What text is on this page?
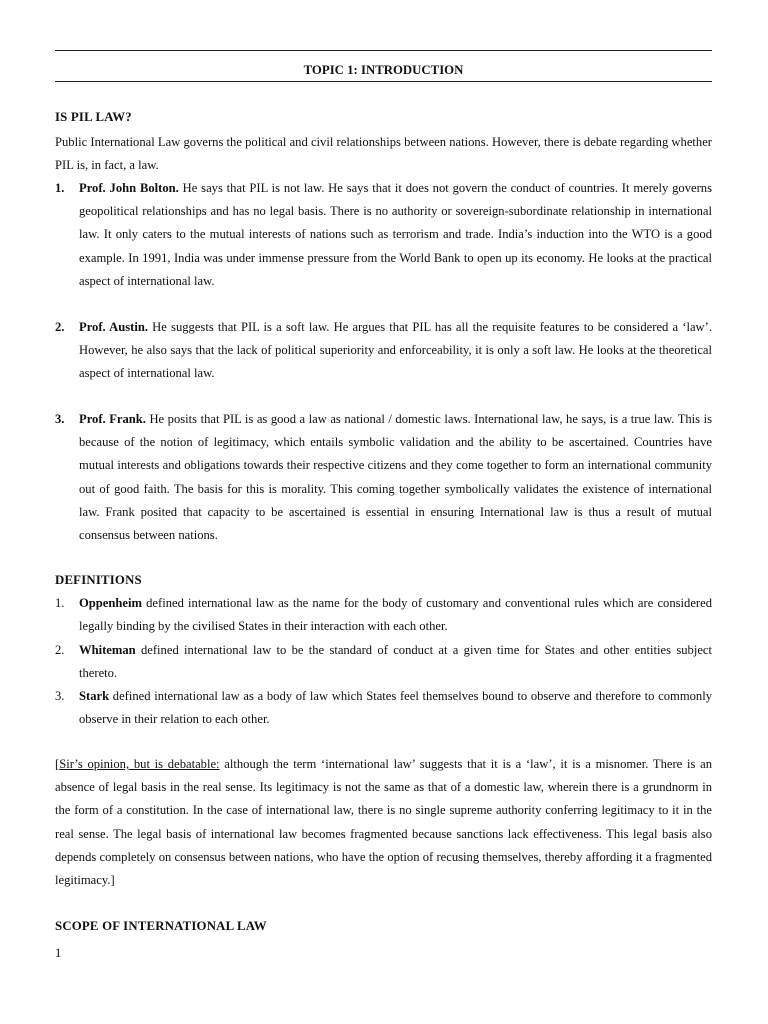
TOPIC 1: INTRODUCTION
IS PIL LAW?
Public International Law governs the political and civil relationships between nations. However, there is debate regarding whether PIL is, in fact, a law.
1. Prof. John Bolton. He says that PIL is not law. He says that it does not govern the conduct of countries. It merely governs geopolitical relationships and has no legal basis. There is no authority or sovereign-subordinate relationship in international law. It only caters to the mutual interests of nations such as terrorism and trade. India’s induction into the WTO is a good example. In 1991, India was under immense pressure from the World Bank to open up its economy. He looks at the practical aspect of international law.
2. Prof. Austin. He suggests that PIL is a soft law. He argues that PIL has all the requisite features to be considered a ‘law’. However, he also says that the lack of political superiority and enforceability, it is only a soft law. He looks at the theoretical aspect of international law.
3. Prof. Frank. He posits that PIL is as good a law as national / domestic laws. International law, he says, is a true law. This is because of the notion of legitimacy, which entails symbolic validation and the ability to be ascertained. Countries have mutual interests and obligations towards their respective citizens and they come together to form an international community out of good faith. The basis for this is morality. This coming together symbolically validates the existence of international law. Frank posited that capacity to be ascertained is essential in ensuring International law is thus a result of mutual consensus between nations.
DEFINITIONS
1. Oppenheim defined international law as the name for the body of customary and conventional rules which are considered legally binding by the civilised States in their interaction with each other.
2. Whiteman defined international law to be the standard of conduct at a given time for States and other entities subject thereto.
3. Stark defined international law as a body of law which States feel themselves bound to observe and therefore to commonly observe in their relation to each other.
[Sir’s opinion, but is debatable: although the term ‘international law’ suggests that it is a ‘law’, it is a misnomer. There is an absence of legal basis in the real sense. Its legitimacy is not the same as that of a domestic law, wherein there is a grundnorm in the form of a constitution. In the case of international law, there is no single supreme authority conferring legitimacy to it in the real sense. The legal basis of international law becomes fragmented because sanctions lack effectiveness. This legal basis also depends completely on consensus between nations, who have the option of recusing themselves, thereby affording it a fragmented legitimacy.]
SCOPE OF INTERNATIONAL LAW
1
